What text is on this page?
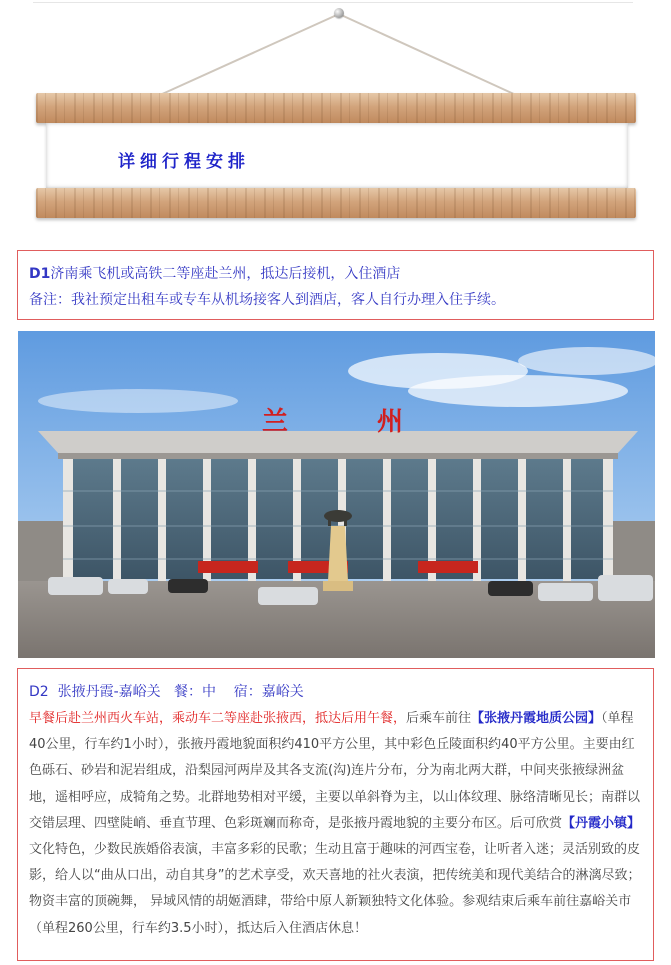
详细行程安排
D1济南乘飞机或高铁二等座赴兰州，抵达后接机，入住酒店
备注：我社预定出租车或专车从机场接客人到酒店，客人自行办理入住手续。
兰 州
D2  张掖丹霞-嘉峪关   餐：中    宿：嘉峪关
早餐后赴兰州西火车站，乘动车二等座赴张掖西，抵达后用午餐，后乘车前往【张掖丹霞地质公园】（单程40公里，行车约1小时），张掖丹霞地貌面积约410平方公里，其中彩色丘陵面积约40平方公里。主要由红色砾石、砂岩和泥岩组成，沿梨园河两岸及其各支流(沟)连片分布，分为南北两大群，中间夹张掖绿洲盆地，遥相呼应，成犄角之势。北群地势相对平缓，主要以单斜脊为主，以山体纹理、脉络清晰见长；南群以交错层理、四壁陡峭、垂直节理、色彩斑斓而称奇，是张掖丹霞地貌的主要分布区。后可欣赏【丹霞小镇】文化特色，少数民族婚俗表演，丰富多彩的民歌；生动且富于趣味的河西宝卷，让听者入迷；灵活别致的皮影，给人以“曲从口出，动自其身”的艺术享受，欢天喜地的社火表演，把传统美和现代美结合的淋漓尽致；物资丰富的顶碗舞， 异域风情的胡姬酒肆，带给中原人新颖独特文化体验。参观结束后乘车前往嘉峪关市（单程260公里，行车约3.5小时），抵达后入住酒店休息！
